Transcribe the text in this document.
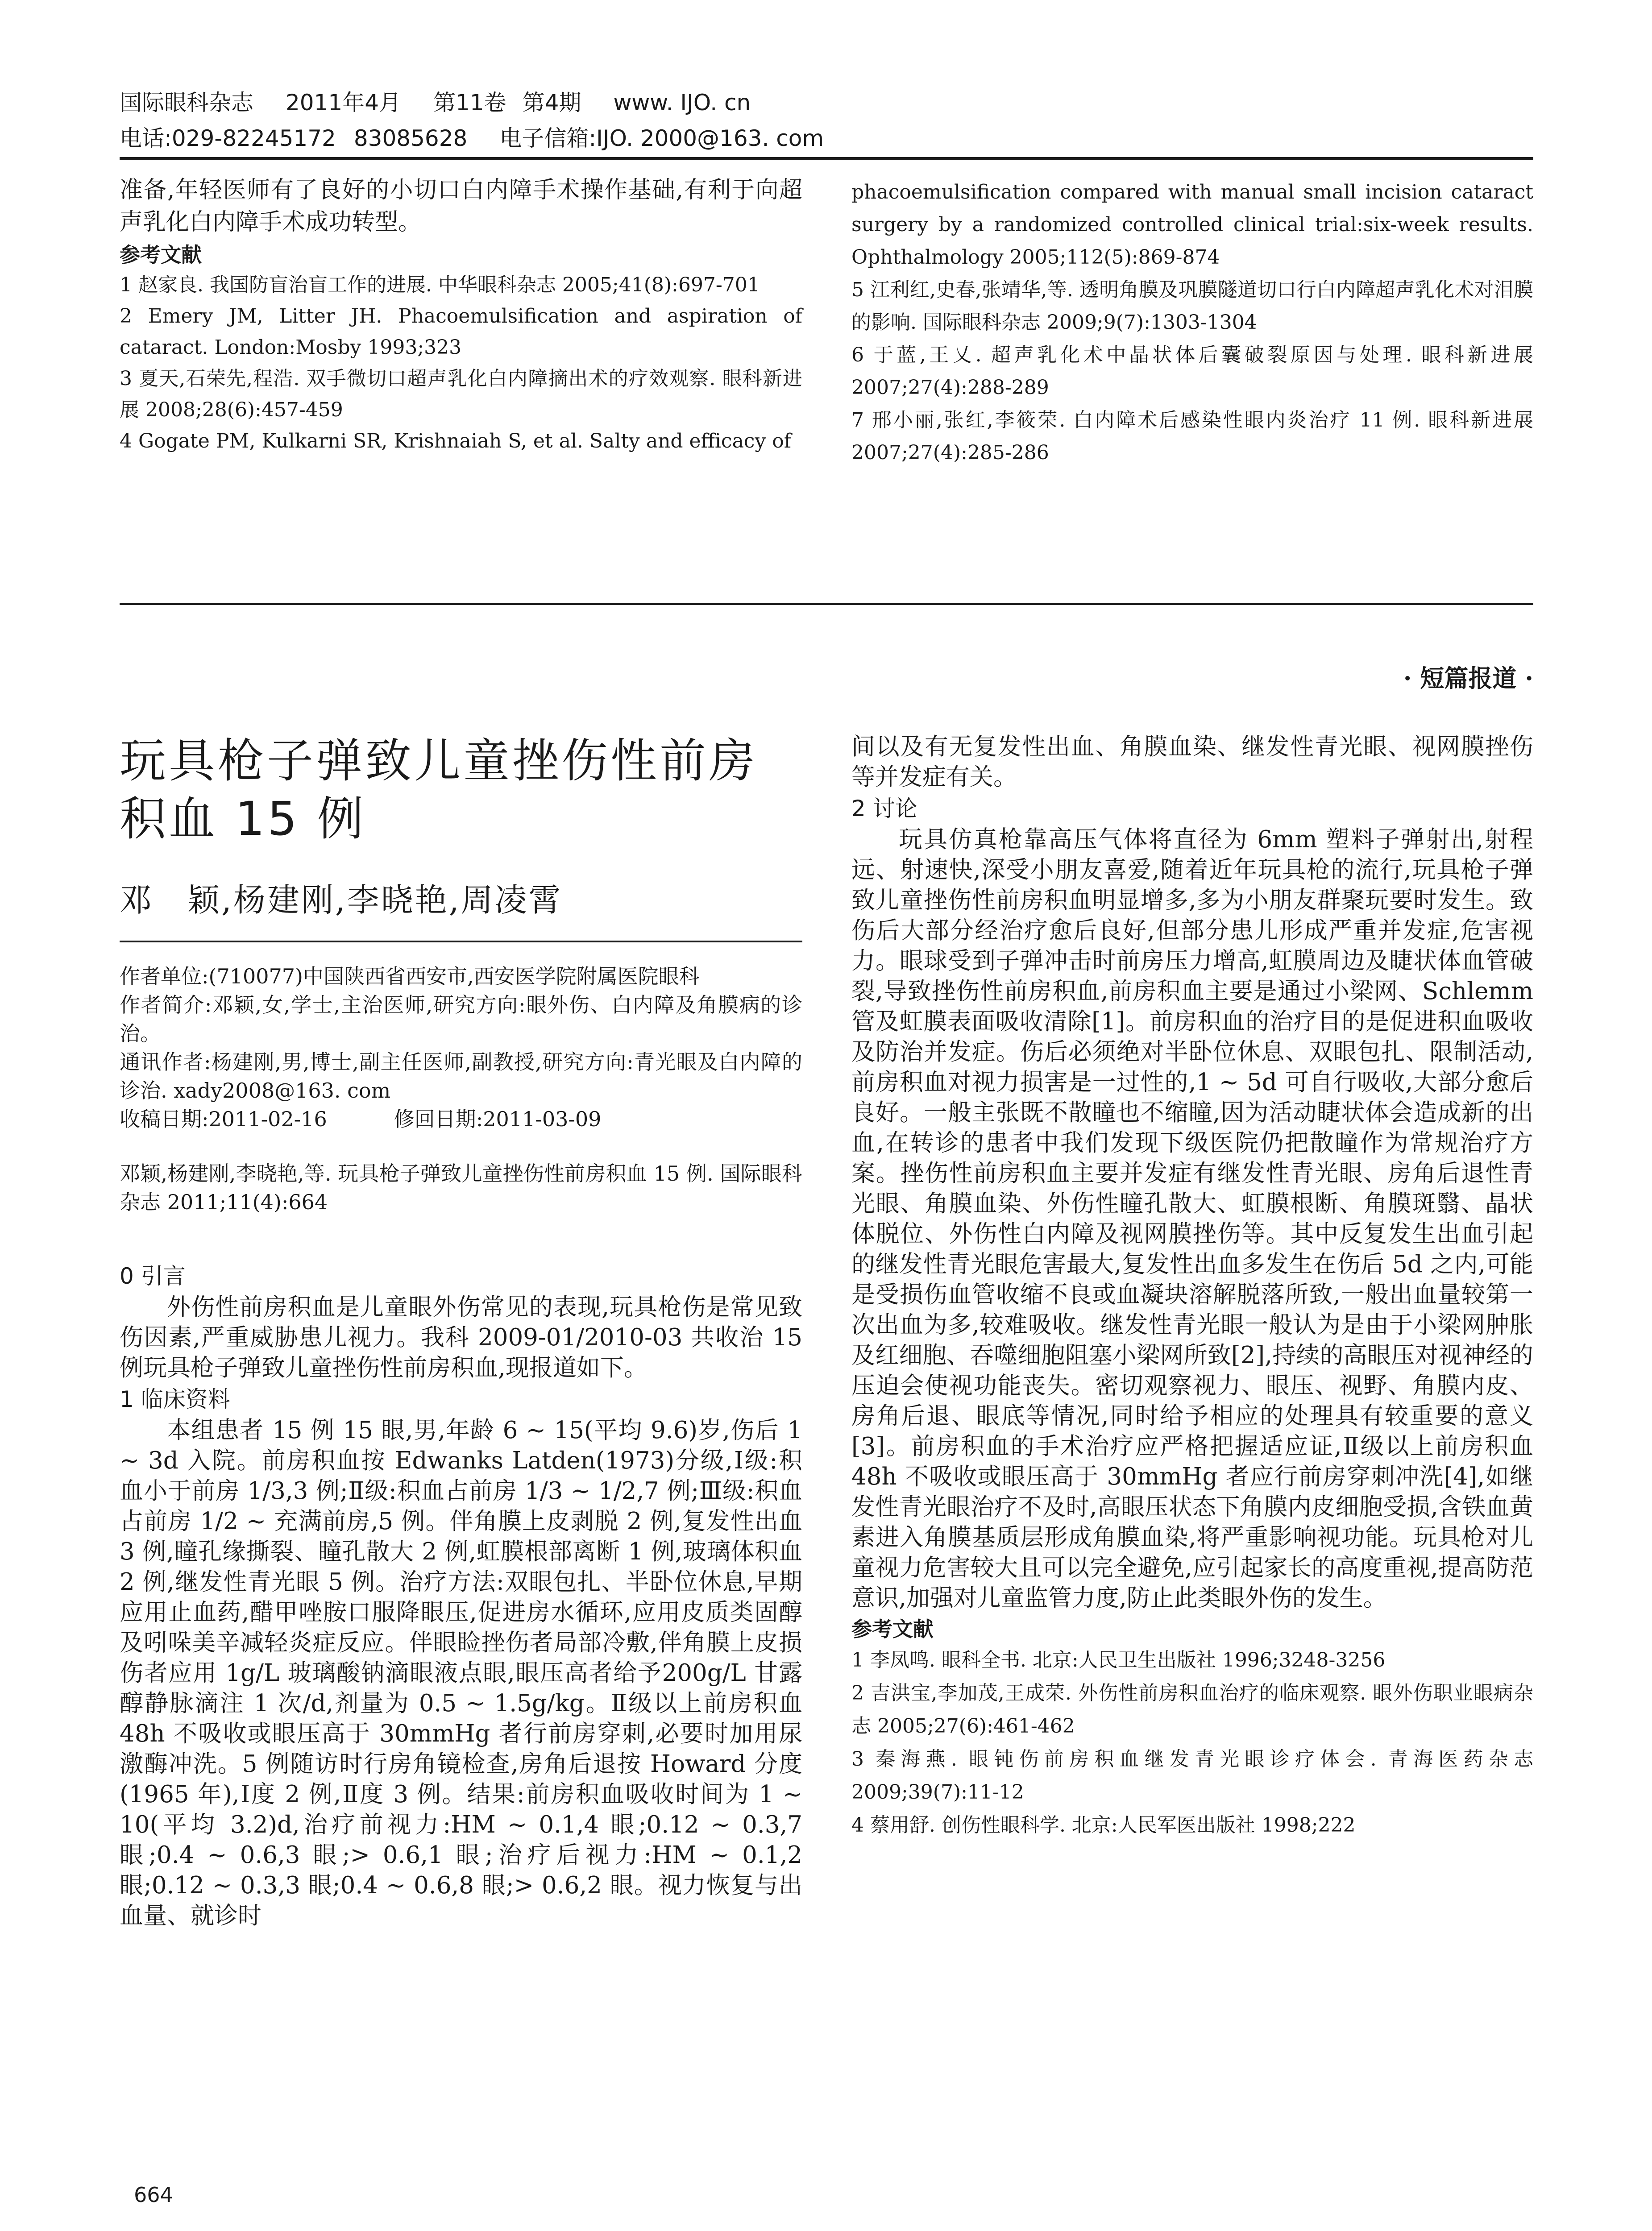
国际眼科杂志 2011年4月 第11卷 第4期 www. IJO. cn
电话:029-82245172 83085628 电子信箱:IJO. 2000@163. com
准备,年轻医师有了良好的小切口白内障手术操作基础,有利于向超声乳化白内障手术成功转型。
参考文献
1 赵家良. 我国防盲治盲工作的进展. 中华眼科杂志 2005;41(8):697-701
2 Emery JM, Litter JH. Phacoemulsification and aspiration of cataract. London:Mosby 1993;323
3 夏天,石荣先,程浩. 双手微切口超声乳化白内障摘出术的疗效观察. 眼科新进展 2008;28(6):457-459
4 Gogate PM, Kulkarni SR, Krishnaiah S, et al. Salty and efficacy of
phacoemulsification compared with manual small incision cataract surgery by a randomized controlled clinical trial:six-week results. Ophthalmology 2005;112(5):869-874
5 江利红,史春,张靖华,等. 透明角膜及巩膜隧道切口行白内障超声乳化术对泪膜的影响. 国际眼科杂志 2009;9(7):1303-1304
6 于蓝,王乂. 超声乳化术中晶状体后囊破裂原因与处理. 眼科新进展 2007;27(4):288-289
7 邢小丽,张红,李筱荣. 白内障术后感染性眼内炎治疗 11 例. 眼科新进展 2007;27(4):285-286
· 短篇报道 ·
玩具枪子弹致儿童挫伤性前房
积血 15 例
邓　颖,杨建刚,李晓艳,周凌霄
作者单位:(710077)中国陕西省西安市,西安医学院附属医院眼科
作者简介:邓颖,女,学士,主治医师,研究方向:眼外伤、白内障及角膜病的诊治。
通讯作者:杨建刚,男,博士,副主任医师,副教授,研究方向:青光眼及白内障的诊治. xady2008@163. com
收稿日期:2011-02-16	修回日期:2011-03-09
邓颖,杨建刚,李晓艳,等. 玩具枪子弹致儿童挫伤性前房积血 15 例. 国际眼科杂志 2011;11(4):664
0 引言
外伤性前房积血是儿童眼外伤常见的表现,玩具枪伤是常见致伤因素,严重威胁患儿视力。我科 2009-01/2010-03 共收治 15 例玩具枪子弹致儿童挫伤性前房积血,现报道如下。
1 临床资料
本组患者 15 例 15 眼,男,年龄 6 ~ 15(平均 9.6)岁,伤后 1 ~ 3d 入院。前房积血按 Edwanks Latden(1973)分级,Ⅰ级:积血小于前房 1/3,3 例;Ⅱ级:积血占前房 1/3 ~ 1/2,7 例;Ⅲ级:积血占前房 1/2 ~ 充满前房,5 例。伴角膜上皮剥脱 2 例,复发性出血 3 例,瞳孔缘撕裂、瞳孔散大 2 例,虹膜根部离断 1 例,玻璃体积血 2 例,继发性青光眼 5 例。治疗方法:双眼包扎、半卧位休息,早期应用止血药,醋甲唑胺口服降眼压,促进房水循环,应用皮质类固醇及吲哚美辛减轻炎症反应。伴眼睑挫伤者局部冷敷,伴角膜上皮损伤者应用 1g/L 玻璃酸钠滴眼液点眼,眼压高者给予200g/L 甘露醇静脉滴注 1 次/d,剂量为 0.5 ~ 1.5g/kg。Ⅱ级以上前房积血 48h 不吸收或眼压高于 30mmHg 者行前房穿刺,必要时加用尿激酶冲洗。5 例随访时行房角镜检查,房角后退按 Howard 分度(1965 年),Ⅰ度 2 例,Ⅱ度 3 例。结果:前房积血吸收时间为 1 ~ 10(平均 3.2)d,治疗前视力:HM ~ 0.1,4 眼;0.12 ~ 0.3,7 眼;0.4 ~ 0.6,3 眼;> 0.6,1 眼;治疗后视力:HM ~ 0.1,2 眼;0.12 ~ 0.3,3 眼;0.4 ~ 0.6,8 眼;> 0.6,2 眼。视力恢复与出血量、就诊时
间以及有无复发性出血、角膜血染、继发性青光眼、视网膜挫伤等并发症有关。
2 讨论
玩具仿真枪靠高压气体将直径为 6mm 塑料子弹射出,射程远、射速快,深受小朋友喜爱,随着近年玩具枪的流行,玩具枪子弹致儿童挫伤性前房积血明显增多,多为小朋友群聚玩要时发生。致伤后大部分经治疗愈后良好,但部分患儿形成严重并发症,危害视力。眼球受到子弹冲击时前房压力增高,虹膜周边及睫状体血管破裂,导致挫伤性前房积血,前房积血主要是通过小梁网、Schlemm 管及虹膜表面吸收清除[1]。前房积血的治疗目的是促进积血吸收及防治并发症。伤后必须绝对半卧位休息、双眼包扎、限制活动,前房积血对视力损害是一过性的,1 ~ 5d 可自行吸收,大部分愈后良好。一般主张既不散瞳也不缩瞳,因为活动睫状体会造成新的出血,在转诊的患者中我们发现下级医院仍把散瞳作为常规治疗方案。挫伤性前房积血主要并发症有继发性青光眼、房角后退性青光眼、角膜血染、外伤性瞳孔散大、虹膜根断、角膜斑翳、晶状体脱位、外伤性白内障及视网膜挫伤等。其中反复发生出血引起的继发性青光眼危害最大,复发性出血多发生在伤后 5d 之内,可能是受损伤血管收缩不良或血凝块溶解脱落所致,一般出血量较第一次出血为多,较难吸收。继发性青光眼一般认为是由于小梁网肿胀及红细胞、吞噬细胞阻塞小梁网所致[2],持续的高眼压对视神经的压迫会使视功能丧失。密切观察视力、眼压、视野、角膜内皮、房角后退、眼底等情况,同时给予相应的处理具有较重要的意义[3]。前房积血的手术治疗应严格把握适应证,Ⅱ级以上前房积血 48h 不吸收或眼压高于 30mmHg 者应行前房穿刺冲洗[4],如继发性青光眼治疗不及时,高眼压状态下角膜内皮细胞受损,含铁血黄素进入角膜基质层形成角膜血染,将严重影响视功能。玩具枪对儿童视力危害较大且可以完全避免,应引起家长的高度重视,提高防范意识,加强对儿童监管力度,防止此类眼外伤的发生。
参考文献
1 李凤鸣. 眼科全书. 北京:人民卫生出版社 1996;3248-3256
2 吉洪宝,李加茂,王成荣. 外伤性前房积血治疗的临床观察. 眼外伤职业眼病杂志 2005;27(6):461-462
3 秦海燕. 眼钝伤前房积血继发青光眼诊疗体会. 青海医药杂志 2009;39(7):11-12
4 蔡用舒. 创伤性眼科学. 北京:人民军医出版社 1998;222
664
